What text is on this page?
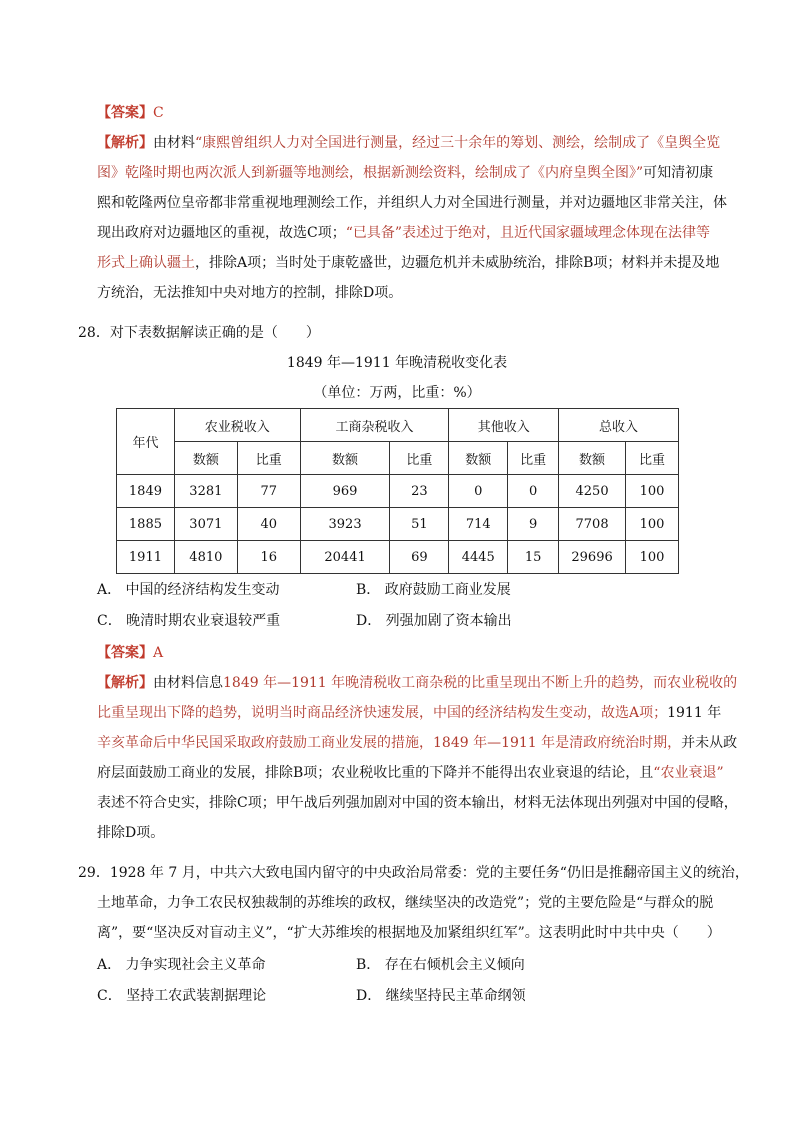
【答案】C
【解析】由材料“康熙曾组织人力对全国进行测量，经过三十余年的筹划、测绘，绘制成了《皇舆全览
图》乾隆时期也两次派人到新疆等地测绘，根据新测绘资料，绘制成了《内府皇舆全图》”可知清初康
熙和乾隆两位皇帝都非常重视地理测绘工作，并组织人力对全国进行测量，并对边疆地区非常关注，体
现出政府对边疆地区的重视，故选C项；“已具备”表述过于绝对，且近代国家疆域理念体现在法律等
形式上确认疆土，排除A项；当时处于康乾盛世，边疆危机并未威胁统治，排除B项；材料并未提及地
方统治，无法推知中央对地方的控制，排除D项。
28．对下表数据解读正确的是（　　）
1849 年—1911 年晚清税收变化表
（单位：万两，比重：%）
年代	农业税收入		工商杂税收入		其他收入		总收入	
	数额	比重	数额	比重	数额	比重	数额	比重
1849	3281	77	969	23	0	0	4250	100
1885	3071	40	3923	51	714	9	7708	100
1911	4810	16	20441	69	4445	15	29696	100
A． 中国的经济结构发生变动	B． 政府鼓励工商业发展
C． 晚清时期农业衰退较严重	D． 列强加剧了资本输出
【答案】A
【解析】由材料信息1849 年—1911 年晚清税收工商杂税的比重呈现出不断上升的趋势，而农业税收的
比重呈现出下降的趋势，说明当时商品经济快速发展，中国的经济结构发生变动，故选A项；1911 年
辛亥革命后中华民国采取政府鼓励工商业发展的措施，1849 年—1911 年是清政府统治时期，并未从政
府层面鼓励工商业的发展，排除B项；农业税收比重的下降并不能得出农业衰退的结论，且“农业衰退”
表述不符合史实，排除C项；甲午战后列强加剧对中国的资本输出，材料无法体现出列强对中国的侵略，
排除D项。
29．1928 年 7 月，中共六大致电国内留守的中央政治局常委：党的主要任务“仍旧是推翻帝国主义的统治，
土地革命，力争工农民权独裁制的苏维埃的政权，继续坚决的改造党”；党的主要危险是“与群众的脱
离”，要“坚决反对盲动主义”，“扩大苏维埃的根据地及加紧组织红军”。这表明此时中共中央（　　）
A． 力争实现社会主义革命	B． 存在右倾机会主义倾向
C． 坚持工农武装割据理论	D． 继续坚持民主革命纲领
